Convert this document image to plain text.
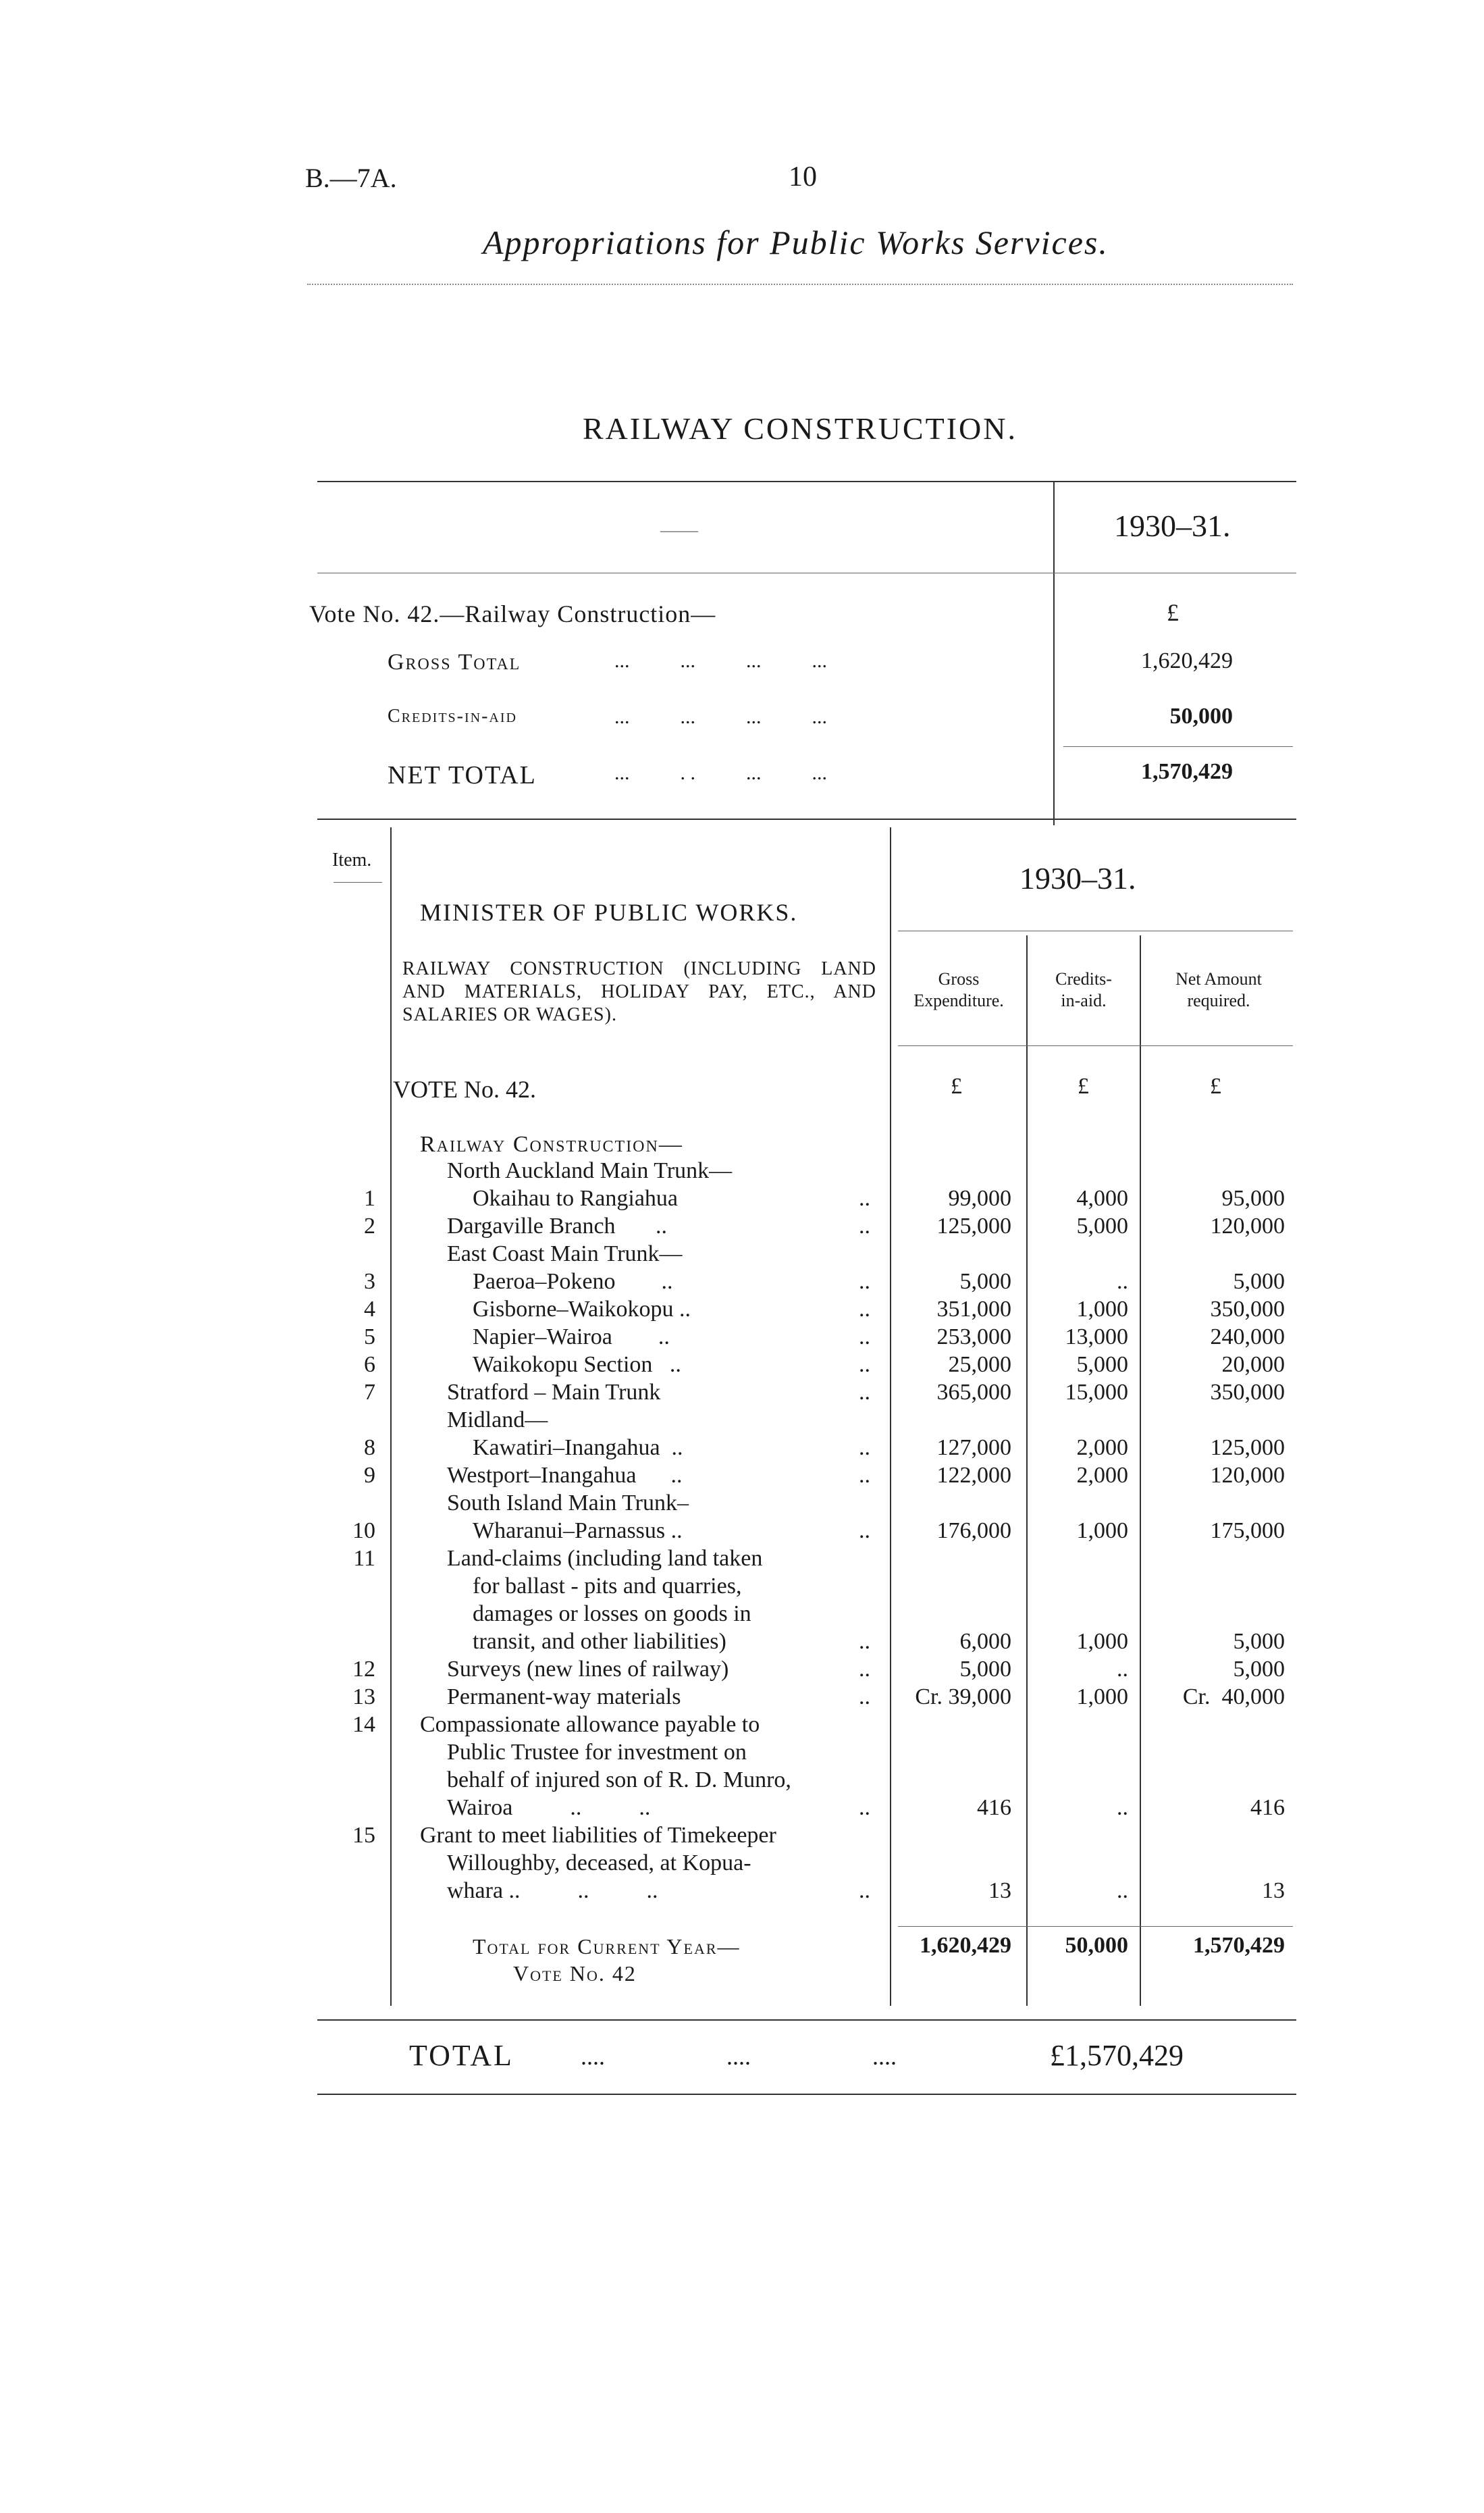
B.—7A.	10
Appropriations for Public Works Services.
RAILWAY CONSTRUCTION.
——	1930–31.
Vote No. 42.—Railway Construction—	£
Gross Total	...          ...          ...          ...	1,620,429
Credits-in-aid	...          ...          ...          ...	50,000
NET TOTAL	...          . .          ...          ...	1,570,429
Item.
1930–31.
MINISTER OF PUBLIC WORKS.
RAILWAY CONSTRUCTION (INCLUDING LAND AND MATERIALS, HOLIDAY PAY, ETC., AND SALARIES OR WAGES).
Gross
Expenditure.
Credits-
in-aid.
Net Amount
required.
VOTE No. 42.	£	£	£
Railway Construction—
North Auckland Main Trunk—
1	Okaihau to Rangiahua	..	99,000	4,000	95,000
2	Dargaville Branch       ..	..	125,000	5,000	120,000
East Coast Main Trunk—
3	Paeroa–Pokeno        ..	..	5,000	..	5,000
4	Gisborne–Waikokopu ..	..	351,000	1,000	350,000
5	Napier–Wairoa        ..	..	253,000 13,000	240,000
6	Waikokopu Section   ..	..	25,000	5,000	20,000
7	Stratford – Main Trunk	..	365,000 15,000	350,000
Midland—
8	Kawatiri–Inangahua  ..	..	127,000	2,000	125,000
9	Westport–Inangahua      ..	..	122,000	2,000	120,000
South Island Main Trunk–
10	Wharanui–Parnassus ..	..	176,000	1,000	175,000
11	Land-claims (including land taken
for ballast - pits and quarries,
damages or losses on goods in
transit, and other liabilities)	..	6,000	1,000	5,000
12	Surveys (new lines of railway)	..	5,000	..	5,000
13	Permanent-way materials	.. Cr. 39,000	1,000 Cr.  40,000
14 Compassionate allowance payable to
Public Trustee for investment on
behalf of injured son of R. D. Munro,
Wairoa          ..          ..	..	416	..	416
15 Grant to meet liabilities of Timekeeper
Willoughby, deceased, at Kopua-
whara ..          ..          ..	..	13	..	13
Total for Current Year—
Vote No. 42
1,620,429 50,000	1,570,429
TOTAL	....                    ....                    ....	£1,570,429
